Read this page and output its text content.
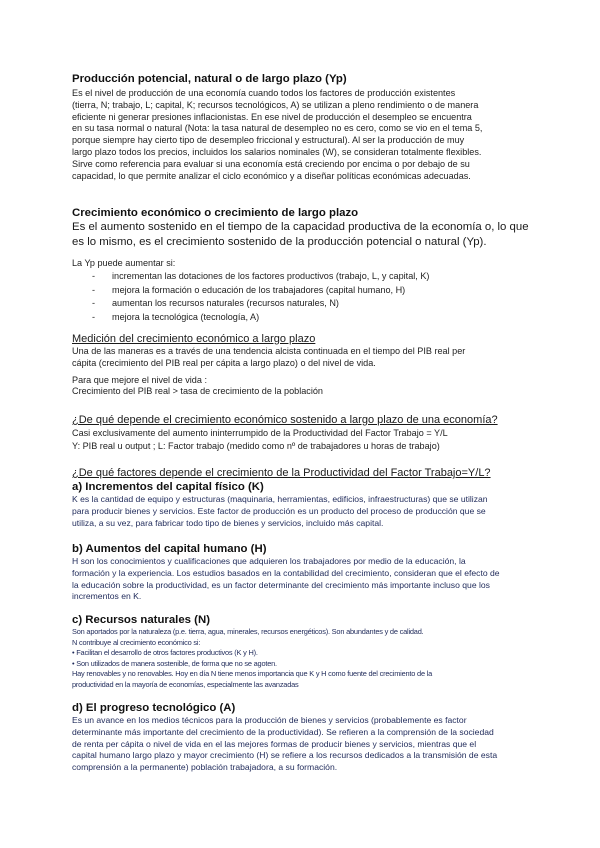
Producción potencial, natural o de largo plazo (Yp)

Es el nivel de producción de una economía cuando todos los factores de producción existentes

(tierra, N; trabajo, L; capital, K; recursos tecnológicos, A) se utilizan a pleno rendimiento o de manera

eficiente ni generar presiones inflacionistas. En ese nivel de producción el desempleo se encuentra

en su tasa normal o natural (Nota: la tasa natural de desempleo no es cero, como se vio en el tema 5,

porque siempre hay cierto tipo de desempleo friccional y estructural). Al ser la producción de muy

largo plazo todos los precios, incluidos los salarios nominales (W), se consideran totalmente flexibles.

Sirve como referencia para evaluar si una economía está creciendo por encima o por debajo de su

capacidad, lo que permite analizar el ciclo económico y a diseñar políticas económicas adecuadas.

Crecimiento económico o crecimiento de largo plazo

Es el aumento sostenido en el tiempo de la capacidad productiva de la economía o, lo que

es lo mismo, es el crecimiento sostenido de la producción potencial o natural (Yp).

La Yp puede aumentar si:

- incrementan las dotaciones de los factores productivos (trabajo, L, y capital, K)
- mejora la formación o educación de los trabajadores (capital humano, H)
- aumentan los recursos naturales (recursos naturales, N)
- mejora la tecnológica (tecnología, A)

Medición del crecimiento económico a largo plazo

Una de las maneras es a través de una tendencia alcista continuada en el tiempo del PIB real per

cápita (crecimiento del PIB real per cápita a largo plazo) o del nivel de vida.

Para que mejore el nivel de vida :

Crecimiento del PIB real > tasa de crecimiento de la población

¿De qué depende el crecimiento económico sostenido a largo plazo de una economía?

Casi exclusivamente del aumento ininterrumpido de la Productividad del Factor Trabajo = Y/L

Y: PIB real u output ; L: Factor trabajo (medido como nº de trabajadores u horas de trabajo)

¿De qué factores depende el crecimiento de la Productividad del Factor Trabajo=Y/L?

a) Incrementos del capital físico (K)

K es la cantidad de equipo y estructuras (maquinaria, herramientas, edificios, infraestructuras) que se utilizan

para producir bienes y servicios. Este factor de producción es un producto del proceso de producción que se

utiliza, a su vez, para fabricar todo tipo de bienes y servicios, incluido más capital.

b) Aumentos del capital humano (H)

H son los conocimientos y cualificaciones que adquieren los trabajadores por medio de la educación, la

formación y la experiencia. Los estudios basados en la contabilidad del crecimiento, consideran que el efecto de

la educación sobre la productividad, es un factor determinante del crecimiento más importante incluso que los

incrementos en K.

c) Recursos naturales (N)

Son aportados por la naturaleza (p.e. tierra, agua, minerales, recursos energéticos). Son abundantes y de calidad.

N contribuye al crecimiento económico si:

• Facilitan el desarrollo de otros factores productivos (K y H).

• Son utilizados de manera sostenible, de forma que no se agoten.

Hay renovables y no renovables. Hoy en día N tiene menos importancia que K y H como fuente del crecimiento de la

productividad en la mayoría de economías, especialmente las avanzadas

d) El progreso tecnológico (A)

Es un avance en los medios técnicos para la producción de bienes y servicios (probablemente es factor

determinante más importante del crecimiento de la productividad). Se refieren a la comprensión de la sociedad

de renta per cápita o nivel de vida en el las mejores formas de producir bienes y servicios, mientras que el

capital humano largo plazo y mayor crecimiento (H) se refiere a los recursos dedicados a la transmisión de esta

comprensión a la permanente) población trabajadora, a su formación.
